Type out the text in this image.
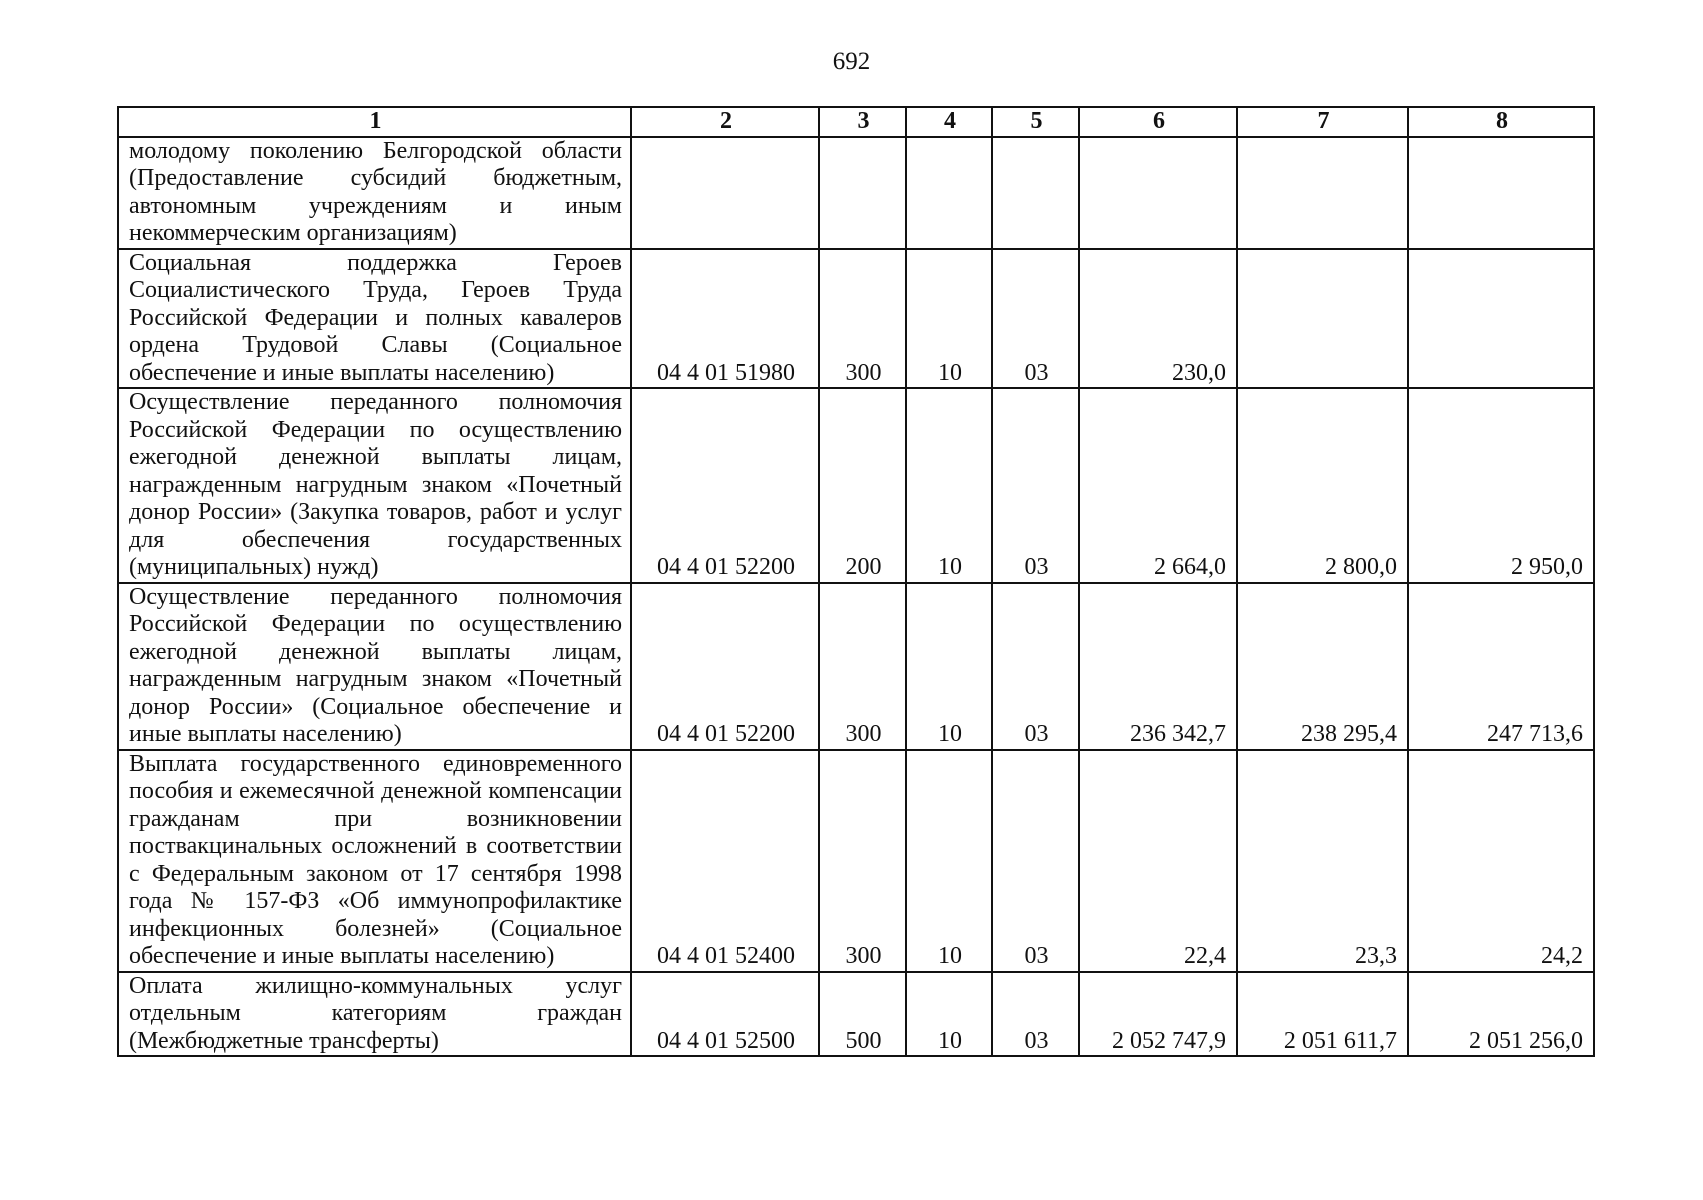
692
1	2	3	4	5	6	7	8
молодому поколению Белгородской области (Предоставление субсидий бюджетным, автономным учреждениям и иным некоммерческим организациям)							
Социальная поддержка Героев Социалистического Труда, Героев Труда Российской Федерации и полных кавалеров ордена Трудовой Славы (Социальное обеспечение и иные выплаты населению)	04 4 01 51980	300	10	03	230,0		
Осуществление переданного полномочия Российской Федерации по осуществлению ежегодной денежной выплаты лицам, награжденным нагрудным знаком «Почетный донор России» (Закупка товаров, работ и услуг для обеспечения государственных (муниципальных) нужд)	04 4 01 52200	200	10	03	2 664,0	2 800,0	2 950,0
Осуществление переданного полномочия Российской Федерации по осуществлению ежегодной денежной выплаты лицам, награжденным нагрудным знаком «Почетный донор России» (Социальное обеспечение и иные выплаты населению)	04 4 01 52200	300	10	03	236 342,7	238 295,4	247 713,6
Выплата государственного единовременного пособия и ежемесячной денежной компенсации гражданам при возникновении поствакцинальных осложнений в соответствии с Федеральным законом от 17 сентября 1998 года № 157-ФЗ «Об иммунопрофилактике инфекционных болезней» (Социальное обеспечение и иные выплаты населению)	04 4 01 52400	300	10	03	22,4	23,3	24,2
Оплата жилищно-коммунальных услуг отдельным категориям граждан (Межбюджетные трансферты)	04 4 01 52500	500	10	03	2 052 747,9	2 051 611,7	2 051 256,0
